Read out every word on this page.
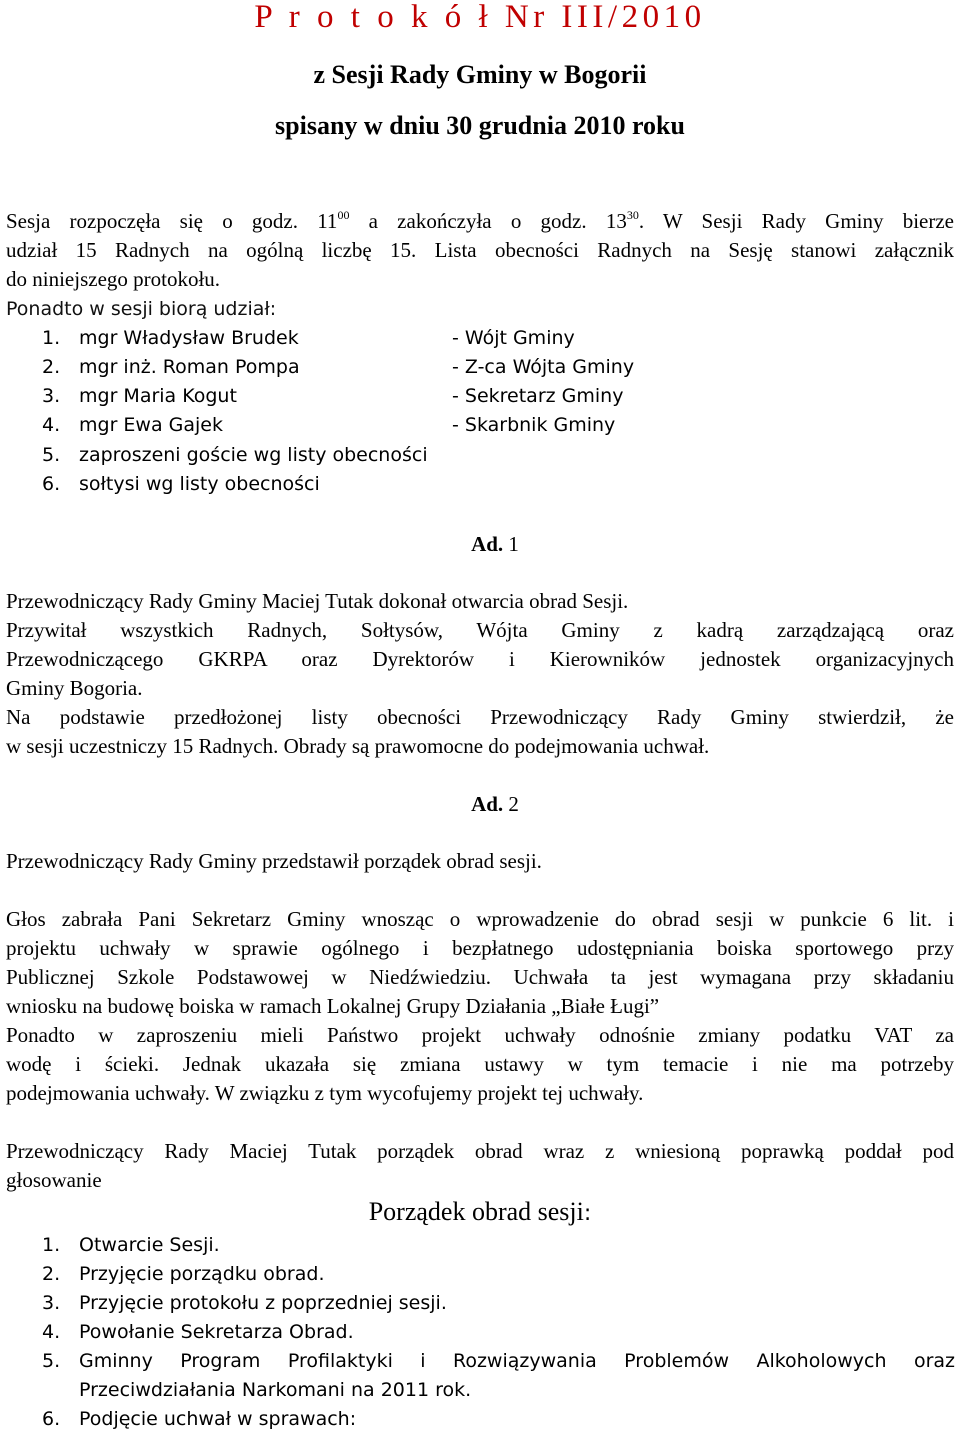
P r o t o k ó ł Nr III/2010
z Sesji Rady Gminy w Bogorii
spisany w dniu 30 grudnia 2010 roku
Sesja rozpoczęła się o godz. $11^{00}$ a zakończyła o godz. $13^{30}$. W Sesji Rady Gminy bierze
udział 15 Radnych na ogólną liczbę 15. Lista obecności Radnych na Sesję stanowi załącznik
do niniejszego protokołu.
Ponadto w sesji biorą udział:
1. mgr Władysław Brudek	- Wójt Gminy
2. mgr inż. Roman Pompa	- Z-ca Wójta Gminy
3. mgr Maria Kogut	- Sekretarz Gminy
4. mgr Ewa Gajek	- Skarbnik Gminy
5. zaproszeni goście wg listy obecności
6. sołtysi wg listy obecności
Ad. 1
Przewodniczący Rady Gminy Maciej Tutak dokonał otwarcia obrad Sesji.
Przywitał wszystkich Radnych, Sołtysów, Wójta Gminy z kadrą zarządzającą oraz
Przewodniczącego GKRPA oraz Dyrektorów i Kierowników jednostek organizacyjnych
Gminy Bogoria.
Na podstawie przedłożonej listy obecności Przewodniczący Rady Gminy stwierdził, że
w sesji uczestniczy 15 Radnych. Obrady są prawomocne do podejmowania uchwał.
Ad. 2
Przewodniczący Rady Gminy przedstawił porządek obrad sesji.
Głos zabrała Pani Sekretarz Gminy wnosząc o wprowadzenie do obrad sesji w punkcie 6 lit. i
projektu uchwały w sprawie ogólnego i bezpłatnego udostępniania boiska sportowego przy
Publicznej Szkole Podstawowej w Niedźwiedziu. Uchwała ta jest wymagana przy składaniu
wniosku na budowę boiska w ramach Lokalnej Grupy Działania „Białe Ługi”
Ponadto w zaproszeniu mieli Państwo projekt uchwały odnośnie zmiany podatku VAT za
wodę i ścieki. Jednak ukazała się zmiana ustawy w tym temacie i nie ma potrzeby
podejmowania uchwały. W związku z tym wycofujemy projekt tej uchwały.
Przewodniczący Rady Maciej Tutak porządek obrad wraz z wniesioną poprawką poddał pod
głosowanie
Porządek obrad sesji:
1. Otwarcie Sesji.
2. Przyjęcie porządku obrad.
3. Przyjęcie protokołu z poprzedniej sesji.
4. Powołanie Sekretarza Obrad.
5. Gminny Program Profilaktyki i Rozwiązywania Problemów Alkoholowych oraz
Przeciwdziałania Narkomani na 2011 rok.
6. Podjęcie uchwał w sprawach:
